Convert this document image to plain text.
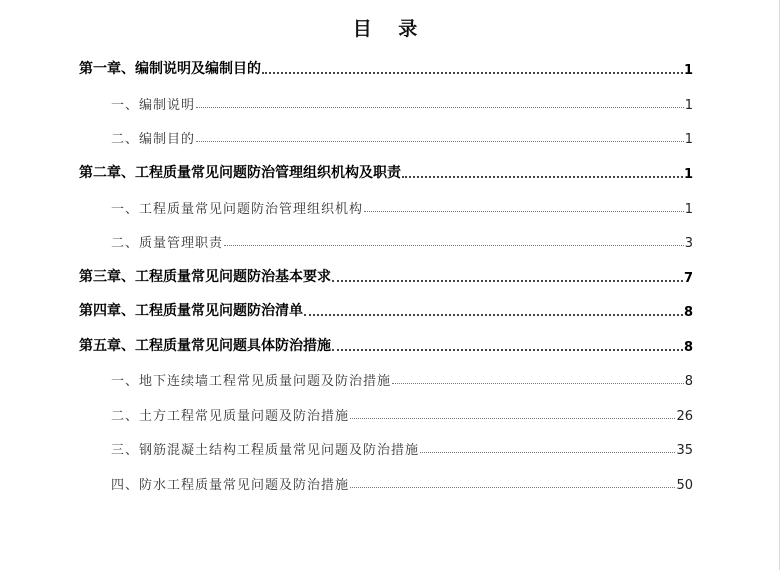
目 录
第一章、编制说明及编制目的	1
一、编制说明	1
二、编制目的	1
第二章、工程质量常见问题防治管理组织机构及职责	1
一、工程质量常见问题防治管理组织机构	1
二、质量管理职责	3
第三章、工程质量常见问题防治基本要求	7
第四章、工程质量常见问题防治清单	8
第五章、工程质量常见问题具体防治措施	8
一、地下连续墙工程常见质量问题及防治措施	8
二、土方工程常见质量问题及防治措施	26
三、钢筋混凝土结构工程质量常见问题及防治措施	35
四、防水工程质量常见问题及防治措施	50
